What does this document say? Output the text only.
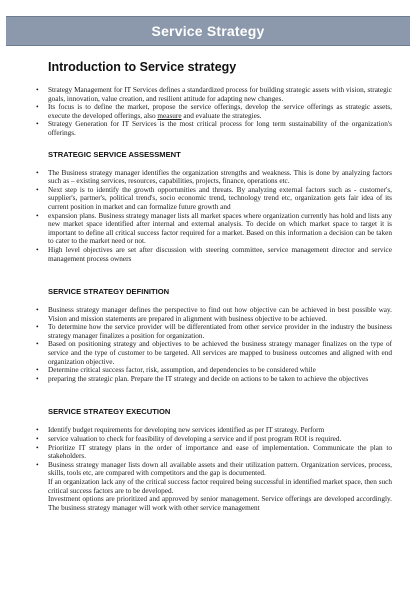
Service Strategy
Introduction to Service strategy
• Strategy Management for IT Services defines a standardized process for building strategic assets with vision, strategic goals, innovation, value creation, and resilient attitude for adapting new changes.
• Its focus is to define the market, propose the service offerings, develop the service offerings as strategic assets, execute the developed offerings, also measure and evaluate the strategies.
• Strategy Generation for IT Services is the most critical process for long term sustainability of the organization's offerings.
STRATEGIC SERVICE ASSESSMENT
• The Business strategy manager identifies the organization strengths and weakness. This is done by analyzing factors such as – existing services, resources, capabilities, projects, finance, operations etc.
• Next step is to identify the growth opportunities and threats. By analyzing external factors such as - customer's, supplier's, partner's, political trend's, socio economic trend, technology trend etc, organization gets fair idea of its current position in market and can formalize future growth and
• expansion plans. Business strategy manager lists all market spaces where organization currently has hold and lists any new market space identified after internal and external analysis. To decide on which market space to target it is important to define all critical success factor required for a market. Based on this information a decision can be taken to cater to the market need or not.
• High level objectives are set after discussion with steering committee, service management director and service management process owners
SERVICE STRATEGY DEFINITION
• Business strategy manager defines the perspective to find out how objective can be achieved in best possible way. Vision and mission statements are prepared in alignment with business objective to be achieved.
• To determine how the service provider will be differentiated from other service provider in the industry the business strategy manager finalizes a position for organization.
• Based on positioning strategy and objectives to be achieved the business strategy manager finalizes on the type of service and the type of customer to be targeted. All services are mapped to business outcomes and aligned with end organization objective.
• Determine critical success factor, risk, assumption, and dependencies to be considered while
• preparing the strategic plan. Prepare the IT strategy and decide on actions to be taken to achieve the objectives
SERVICE STRATEGY EXECUTION
• Identify budget requirements for developing new services identified as per IT strategy. Perform
• service valuation to check for feasibility of developing a service and if post program ROI is required.
• Prioritize IT strategy plans in the order of importance and ease of implementation. Communicate the plan to stakeholders.
• Business strategy manager lists down all available assets and their utilization pattern. Organization services, process, skills, tools etc, are compared with competitors and the gap is documented.
If an organization lack any of the critical success factor required being successful in identified market space, then such critical success factors are to be developed.
Investment options are prioritized and approved by senior management. Service offerings are developed accordingly. The business strategy manager will work with other service management
